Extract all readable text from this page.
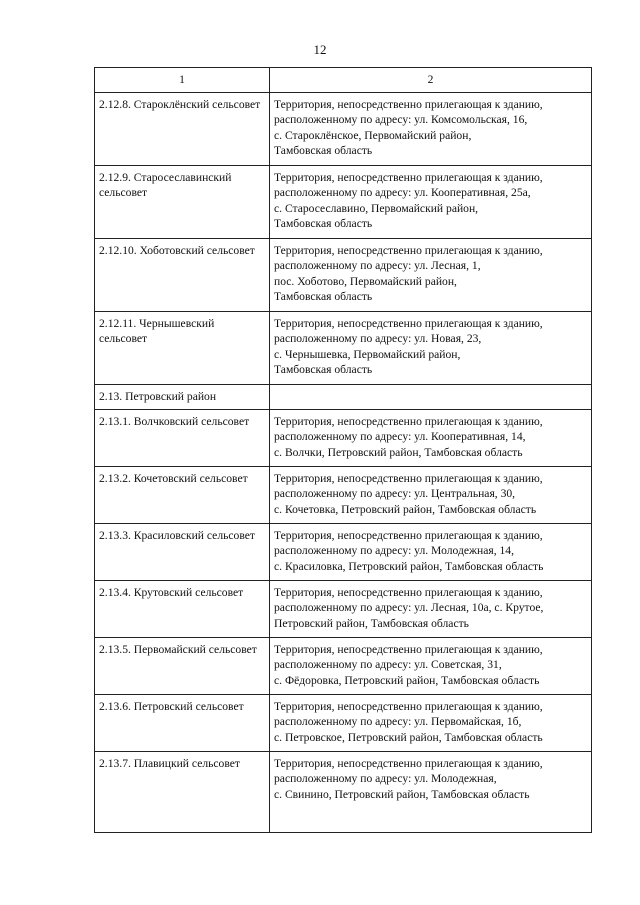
12
1	2
2.12.8. Староклёнский сельсовет	Территория, непосредственно прилегающая к зданию,
расположенному по адресу: ул. Комсомольская, 16,
с. Староклёнское, Первомайский район,
Тамбовская область
2.12.9. Старосеславинский сельсовет	Территория, непосредственно прилегающая к зданию,
расположенному по адресу: ул. Кооперативная, 25а,
с. Старосеславино, Первомайский район,
Тамбовская область
2.12.10. Хоботовский сельсовет	Территория, непосредственно прилегающая к зданию,
расположенному по адресу: ул. Лесная, 1,
пос. Хоботово, Первомайский район,
Тамбовская область
2.12.11. Чернышевский сельсовет	Территория, непосредственно прилегающая к зданию,
расположенному по адресу: ул. Новая, 23,
с. Чернышевка, Первомайский район,
Тамбовская область
2.13. Петровский район	
2.13.1. Волчковский сельсовет	Территория, непосредственно прилегающая к зданию,
расположенному по адресу: ул. Кооперативная, 14,
с. Волчки, Петровский район, Тамбовская область
2.13.2. Кочетовский сельсовет	Территория, непосредственно прилегающая к зданию,
расположенному по адресу: ул. Центральная, 30,
с. Кочетовка, Петровский район, Тамбовская область
2.13.3. Красиловский сельсовет	Территория, непосредственно прилегающая к зданию,
расположенному по адресу: ул. Молодежная, 14,
с. Красиловка, Петровский район, Тамбовская область
2.13.4. Крутовский сельсовет	Территория, непосредственно прилегающая к зданию,
расположенному по адресу: ул. Лесная, 10а, с. Крутое,
Петровский район, Тамбовская область
2.13.5. Первомайский сельсовет	Территория, непосредственно прилегающая к зданию,
расположенному по адресу: ул. Советская, 31,
с. Фёдоровка, Петровский район, Тамбовская область
2.13.6. Петровский сельсовет	Территория, непосредственно прилегающая к зданию,
расположенному по адресу: ул. Первомайская, 1б,
с. Петровское, Петровский район, Тамбовская область
2.13.7. Плавицкий сельсовет	Территория, непосредственно прилегающая к зданию,
расположенному по адресу: ул. Молодежная,
с. Свинино, Петровский район, Тамбовская область
